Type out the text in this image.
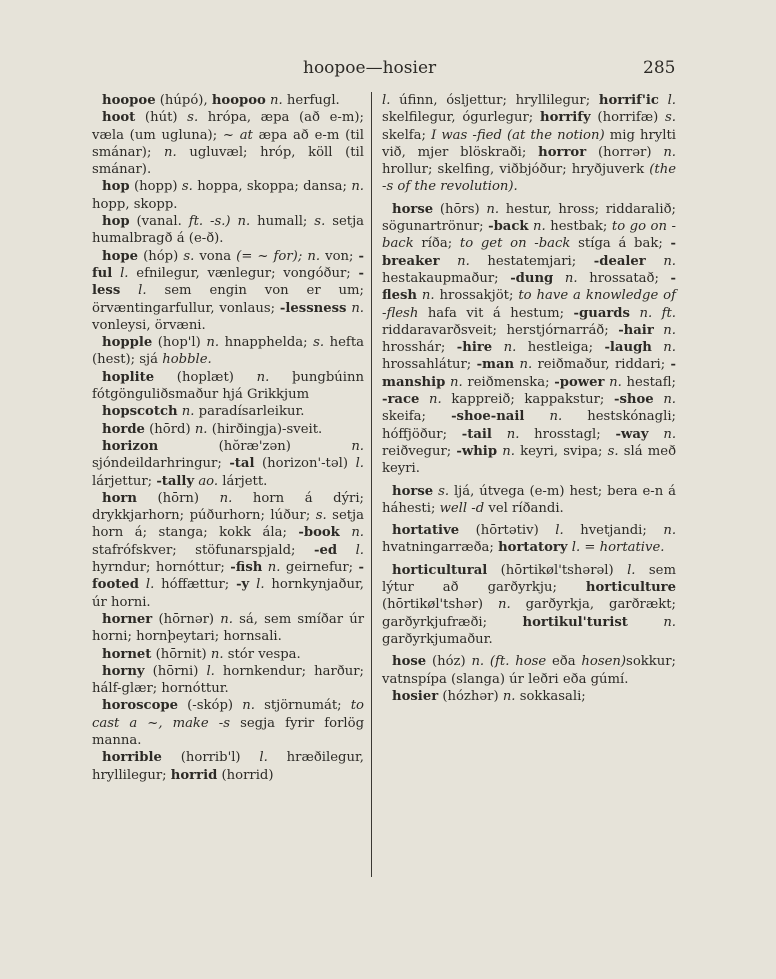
hoopoe—hosier	285

hoopoe (húpó), hoopoo n. herfugl.

hoot (hút) s. hrópa, æpa (að e-m); væla (um ugluna); ~ at æpa að e-m (til smánar); n. ugluvæl; hróp, köll (til smánar).

hop (hopp) s. hoppa, skoppa; dansa; n. hopp, skopp.

hop (vanal. ft. -s.) n. humall; s. setja humalbragð á (e-ð).

hope (hóp) s. vona (= ~ for); n. von; -ful l. efnilegur, vænlegur; vongóður; -less l. sem engin von er um; örvæntingarfullur, vonlaus; -lessness n. vonleysi, örvæni.

hopple (hop'l) n. hnapphelda; s. hefta (hest); sjá hobble.

hoplite (hoplæt) n. þungbúinn fótgönguliðsmaður hjá Grikkjum

hopscotch n. paradísarleikur.

horde (hōrd) n. (hirðingja)-sveit.

horizon (hŏræ'zən) n. sjóndeildarhringur; -tal (horizon'-təl) l. lárjettur; -tally ao. lárjett.

horn (hōrn) n. horn á dýri; drykkjarhorn; púðurhorn; lúður; s. setja horn á; stanga; kokk ála; -book n. stafrófskver; stöfunarspjald; -ed l. hyrndur; hornóttur; -fish n. geirnefur; -footed l. hóffættur; -y l. hornkynjaður, úr horni.

horner (hōrnər) n. sá, sem smíðar úr horni; hornþeytari; hornsali.

hornet (hōrnit) n. stór vespa.

horny (hōrni) l. hornkendur; harður; hálf-glær; hornóttur.

horoscope (-skóp) n. stjörnumát; to cast a ~, make -s segja fyrir forlög manna.

horrible (horrib'l) l. hræðilegur, hryllilegur; horrid (horrid)

l. úfinn, ósljettur; hryllilegur; horrif'ic l. skelfilegur, ógurlegur; horrify (horrifæ) s. skelfa; I was -fied (at the notion) mig hrylti við, mjer blöskraði; horror (horrər) n. hrollur; skelfing, viðbjóður; hryðjuverk (the -s of the revolution).

horse (hōrs) n. hestur, hross; riddaralið; sögunartrönur; -back n. hestbak; to go on -back ríða; to get on -back stíga á bak; -breaker n. hestatemjari; -dealer n. hestakaupmaður; -dung n. hrossatað; -flesh n. hrossakjöt; to have a knowledge of -flesh hafa vit á hestum; -guards n. ft. riddaravarðsveit; herstjórnarráð; -hair n. hrosshár; -hire n. hestleiga; -laugh n. hrossahlátur; -man n. reiðmaður, riddari; -manship n. reiðmenska; -power n. hestafl; -race n. kappreið; kappakstur; -shoe n. skeifa; -shoe-nail n. hestskónagli; hóffjöður; -tail n. hrosstagl; -way n. reiðvegur; -whip n. keyri, svipa; s. slá með keyri.

horse s. ljá, útvega (e-m) hest; bera e-n á háhesti; well -d vel ríðandi.

hortative (hōrtətiv) l. hvetjandi; n. hvatningarræða; hortatory l. = hortative.

horticultural (hōrtikøl'tshərəl) l. sem lýtur að garðyrkju; horticulture (hōrtikøl'tshər) n. garðyrkja, garðrækt; garðyrkjufræði; hortikul'turist	n. garðyrkjumaður.

hose (hóz) n. (ft. hose eða hosen)sokkur; vatnspípa (slanga) úr leðri eða gúmí.

hosier (hózhər) n. sokkasali;
